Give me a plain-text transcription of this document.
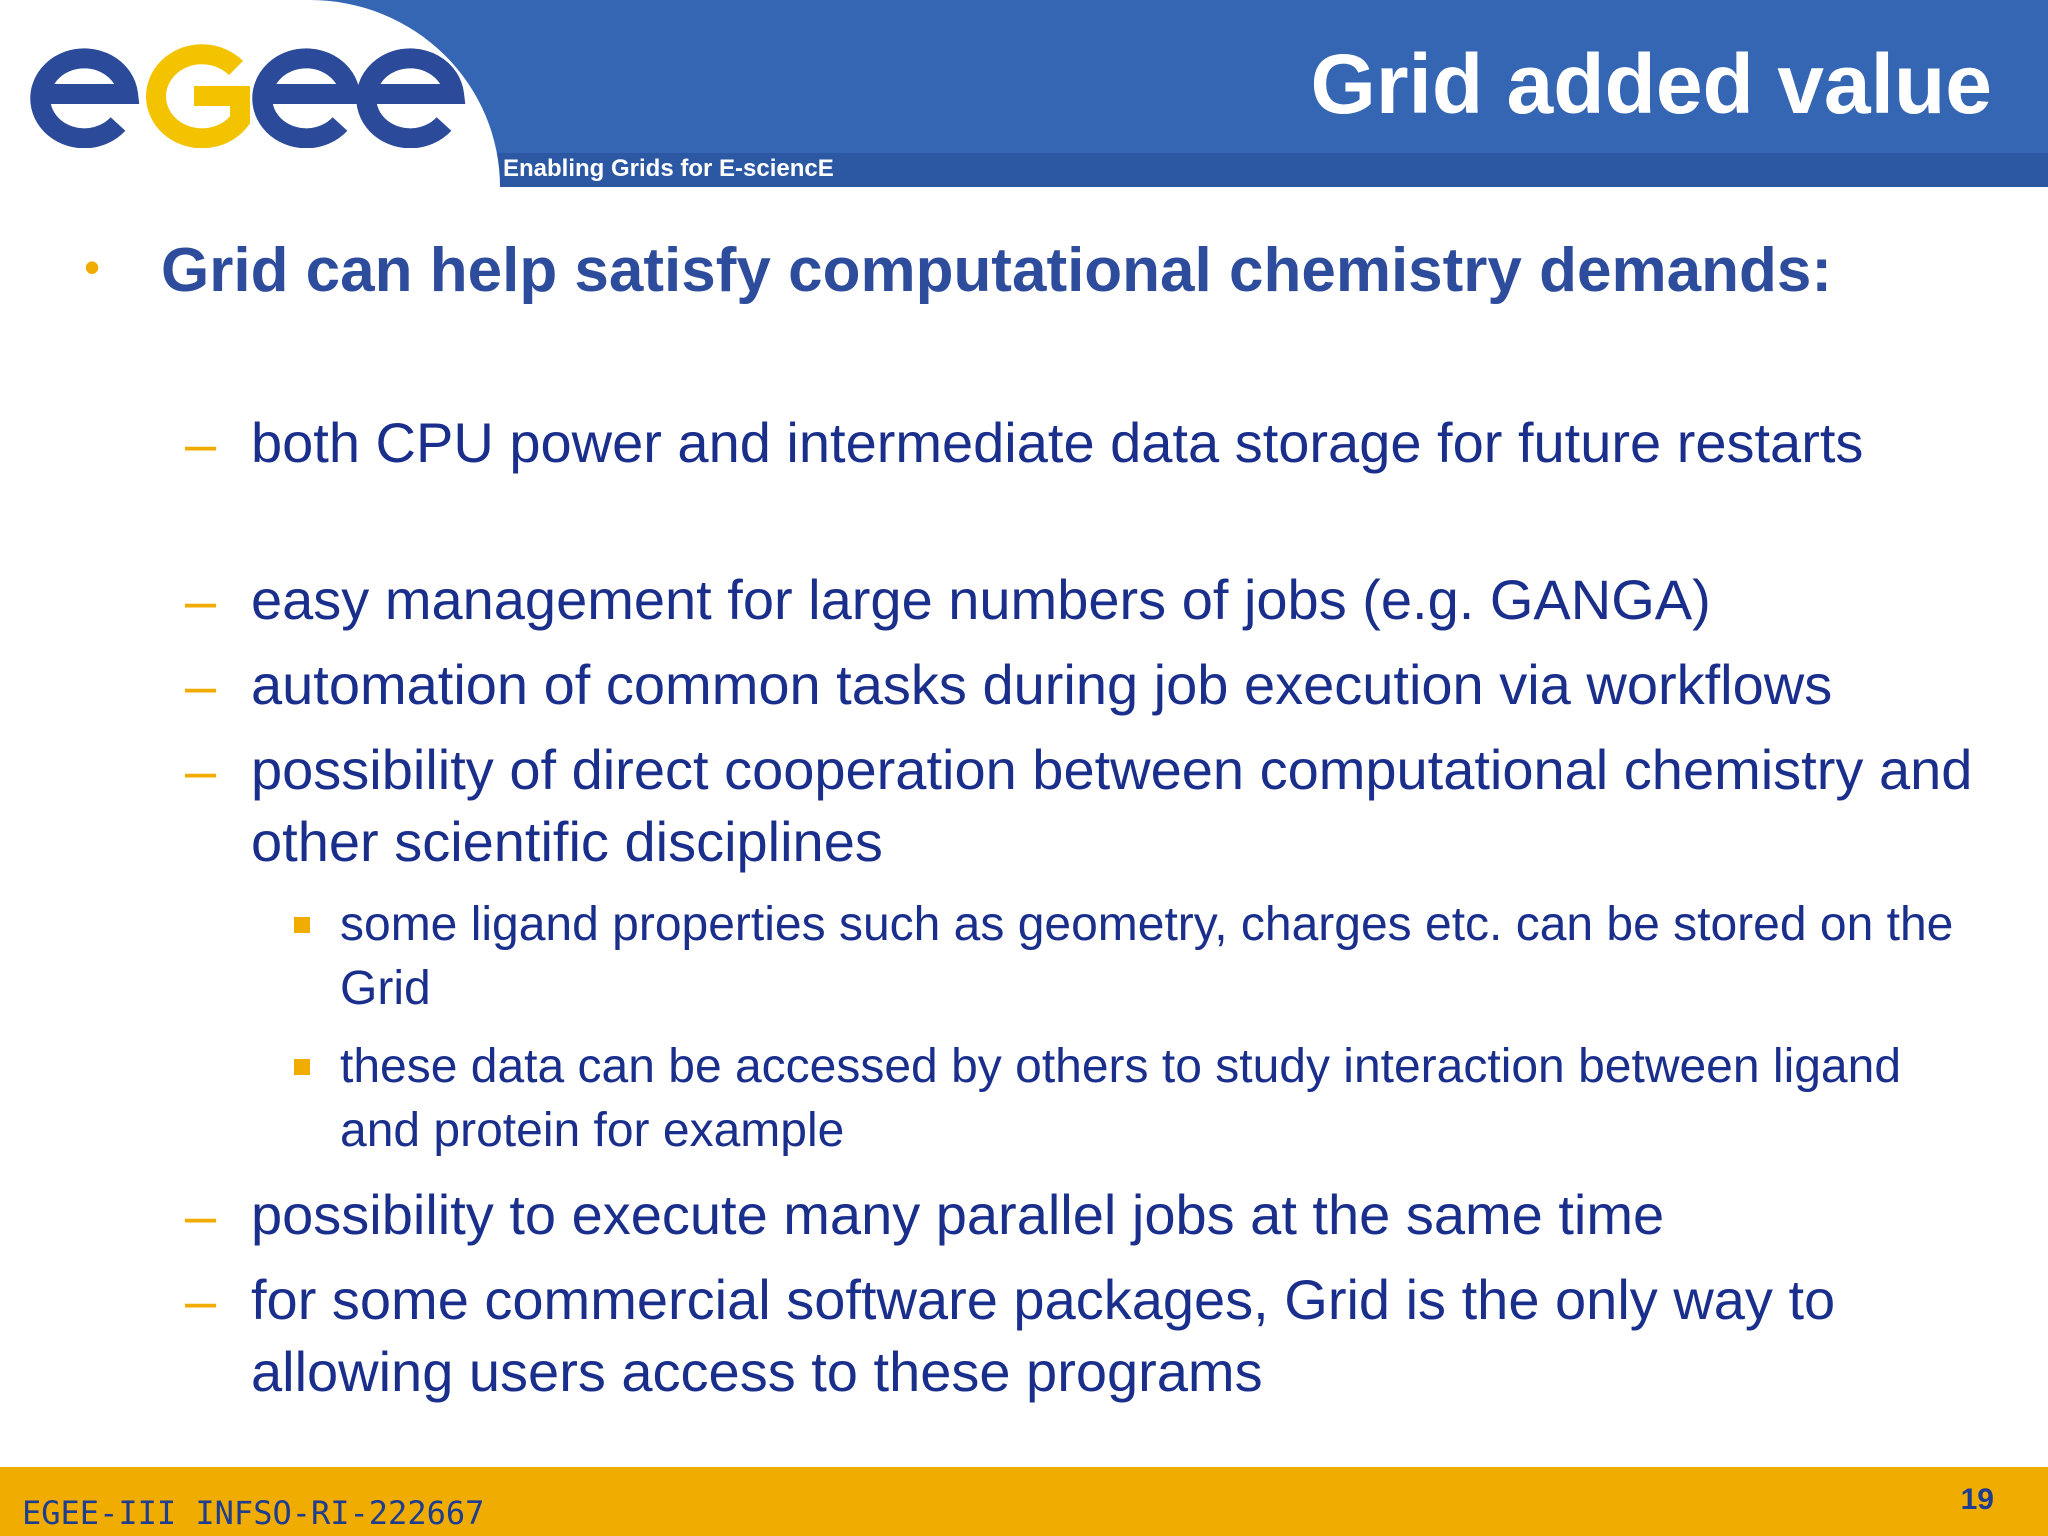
Grid added value
Enabling Grids for E-sciencE
• Grid can help satisfy computational chemistry demands:
– both CPU power and intermediate data storage for future restarts
– easy management for large numbers of jobs (e.g. GANGA)
– automation of common tasks during job execution via workflows
– possibility of direct cooperation between computational chemistry and other scientific disciplines
some ligand properties such as geometry, charges etc. can be stored on the Grid
these data can be accessed by others to study interaction between ligand and protein for example
– possibility to execute many parallel jobs at the same time
– for some commercial software packages, Grid is the only way to allowing users access to these programs
EGEE-III INFSO-RI-222667	19
